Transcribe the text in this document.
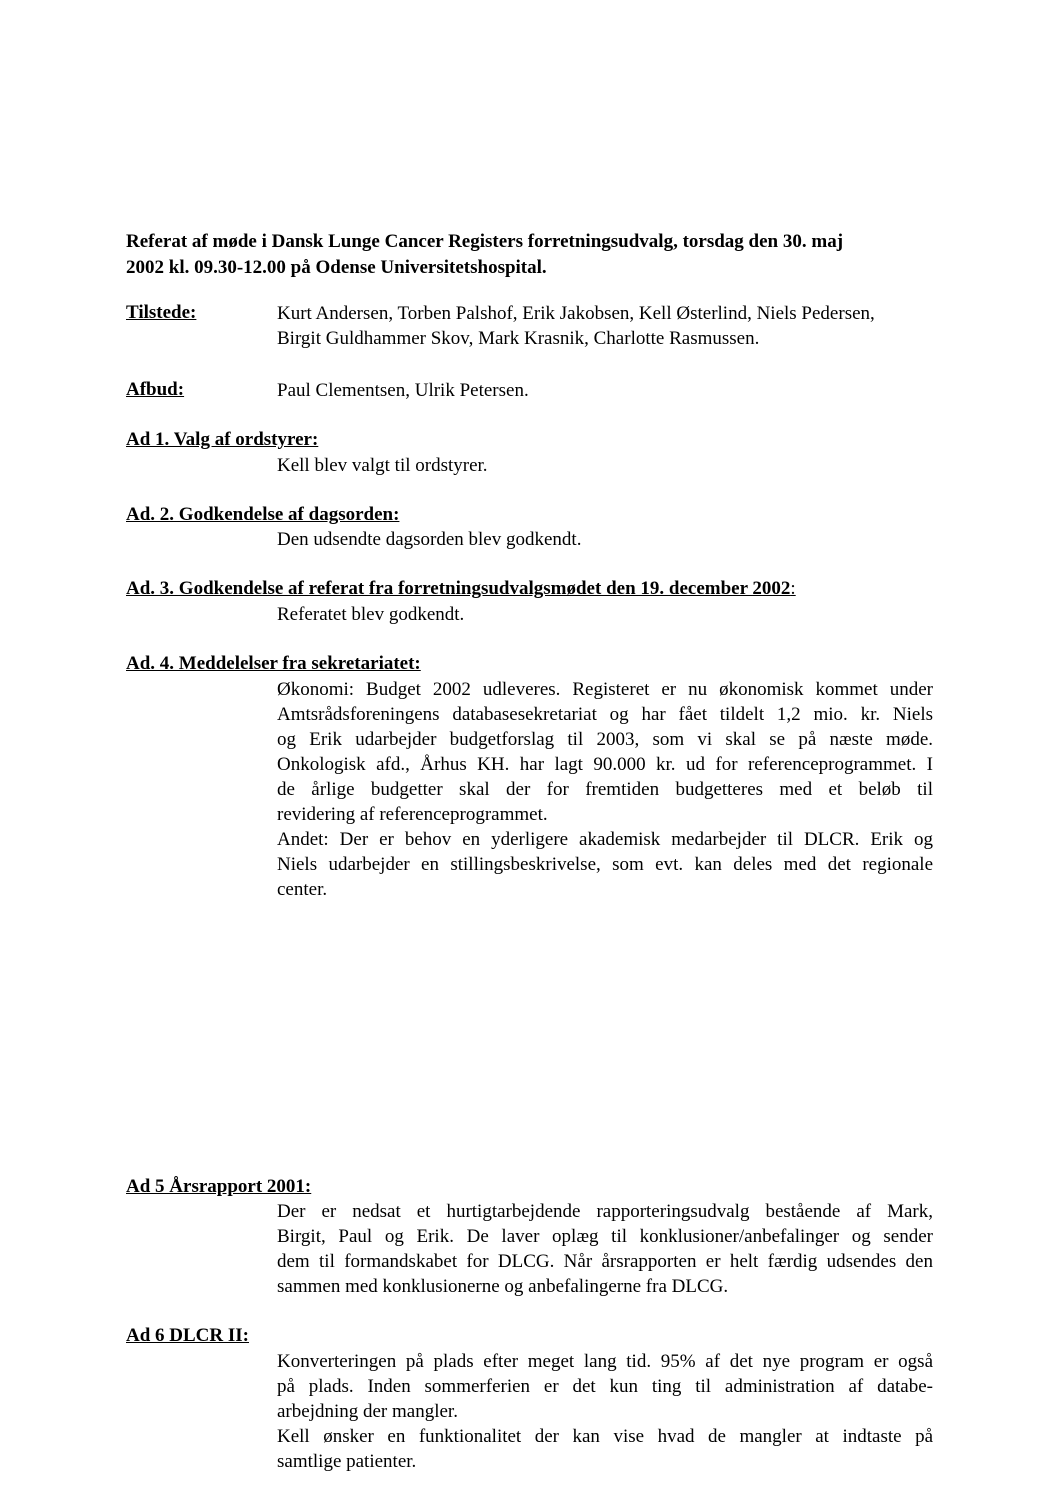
Referat af møde i Dansk Lunge Cancer Registers forretningsudvalg, torsdag den 30. maj
2002 kl. 09.30-12.00 på Odense Universitetshospital.
Tilstede:	Kurt Andersen, Torben Palshof, Erik Jakobsen, Kell Østerlind, Niels Pedersen,
Birgit Guldhammer Skov, Mark Krasnik, Charlotte Rasmussen.
Afbud:	Paul Clementsen, Ulrik Petersen.
Ad 1. Valg af ordstyrer:
Kell blev valgt til ordstyrer.
Ad. 2. Godkendelse af dagsorden:
Den udsendte dagsorden blev godkendt.
Ad. 3. Godkendelse af referat fra forretningsudvalgsmødet den 19. december 2002:
Referatet blev godkendt.
Ad. 4. Meddelelser fra sekretariatet:
Økonomi: Budget 2002 udleveres. Registeret er nu økonomisk kommet under
Amtsrådsforeningens databasesekretariat og har fået tildelt 1,2 mio. kr. Niels
og Erik udarbejder budgetforslag til 2003, som vi skal se på næste møde.
Onkologisk afd., Århus KH. har lagt 90.000 kr. ud for referenceprogrammet. I
de årlige budgetter skal der for fremtiden budgetteres med et beløb til
revidering af referenceprogrammet.
Andet: Der er behov en yderligere akademisk medarbejder til DLCR. Erik og
Niels udarbejder en stillingsbeskrivelse, som evt. kan deles med det regionale
center.
Ad 5 Årsrapport 2001:
Der er nedsat et hurtigtarbejdende rapporteringsudvalg bestående af Mark,
Birgit, Paul og Erik. De laver oplæg til konklusioner/anbefalinger og sender
dem til formandskabet for DLCG. Når årsrapporten er helt færdig udsendes den
sammen med konklusionerne og anbefalingerne fra DLCG.
Ad 6 DLCR II:
Konverteringen på plads efter meget lang tid. 95% af det nye program er også
på plads. Inden sommerferien er det kun ting til administration af databe-
arbejdning der mangler.
Kell ønsker en funktionalitet der kan vise hvad de mangler at indtaste på
samtlige patienter.
